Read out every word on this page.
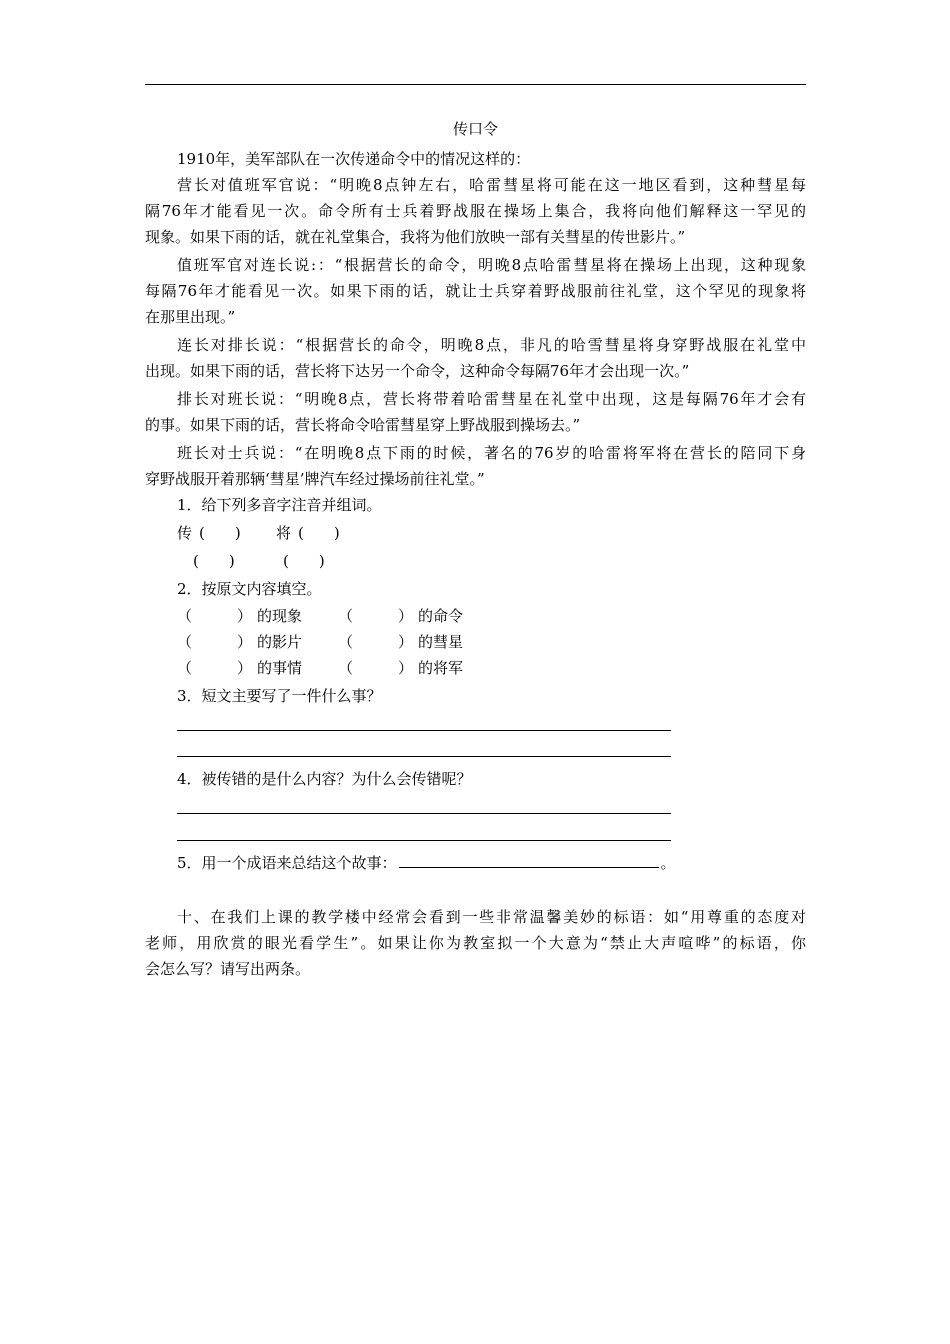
传口令
1910年，美军部队在一次传递命令中的情况这样的：
营长对值班军官说：“明晚8点钟左右，哈雷彗星将可能在这一地区看到，这种彗星每
隔76年才能看见一次。命令所有士兵着野战服在操场上集合，我将向他们解释这一罕见的
现象。如果下雨的话，就在礼堂集合，我将为他们放映一部有关彗星的传世影片。”
值班军官对连长说:：“根据营长的命令，明晚8点哈雷彗星将在操场上出现，这种现象
每隔76年才能看见一次。如果下雨的话，就让士兵穿着野战服前往礼堂，这个罕见的现象将
在那里出现。”
连长对排长说：“根据营长的命令，明晚8点，非凡的哈雪彗星将身穿野战服在礼堂中
出现。如果下雨的话，营长将下达另一个命令，这种命令每隔76年才会出现一次。”
排长对班长说：“明晚8点，营长将带着哈雷彗星在礼堂中出现，这是每隔76年才会有
的事。如果下雨的话，营长将命令哈雷彗星穿上野战服到操场去。”
班长对士兵说：“在明晚8点下雨的时候，著名的76岁的哈雷将军将在营长的陪同下身
穿野战服开着那辆‘彗星’牌汽车经过操场前往礼堂。”
1．给下列多音字注音并组词。
传 (　　) 将 (　　)
(　　)	(　　)
2．按原文内容填空。
（　　　） 的现象 （　　　） 的命令
（　　　） 的影片 （　　　） 的彗星
（　　　） 的事情 （　　　） 的将军
3．短文主要写了一件什么事？
4．被传错的是什么内容？为什么会传错呢？
5．用一个成语来总结这个故事：	。
十、在我们上课的教学楼中经常会看到一些非常温馨美妙的标语：如“用尊重的态度对
老师，用欣赏的眼光看学生”。如果让你为教室拟一个大意为“禁止大声喧哗”的标语，你
会怎么写？请写出两条。
